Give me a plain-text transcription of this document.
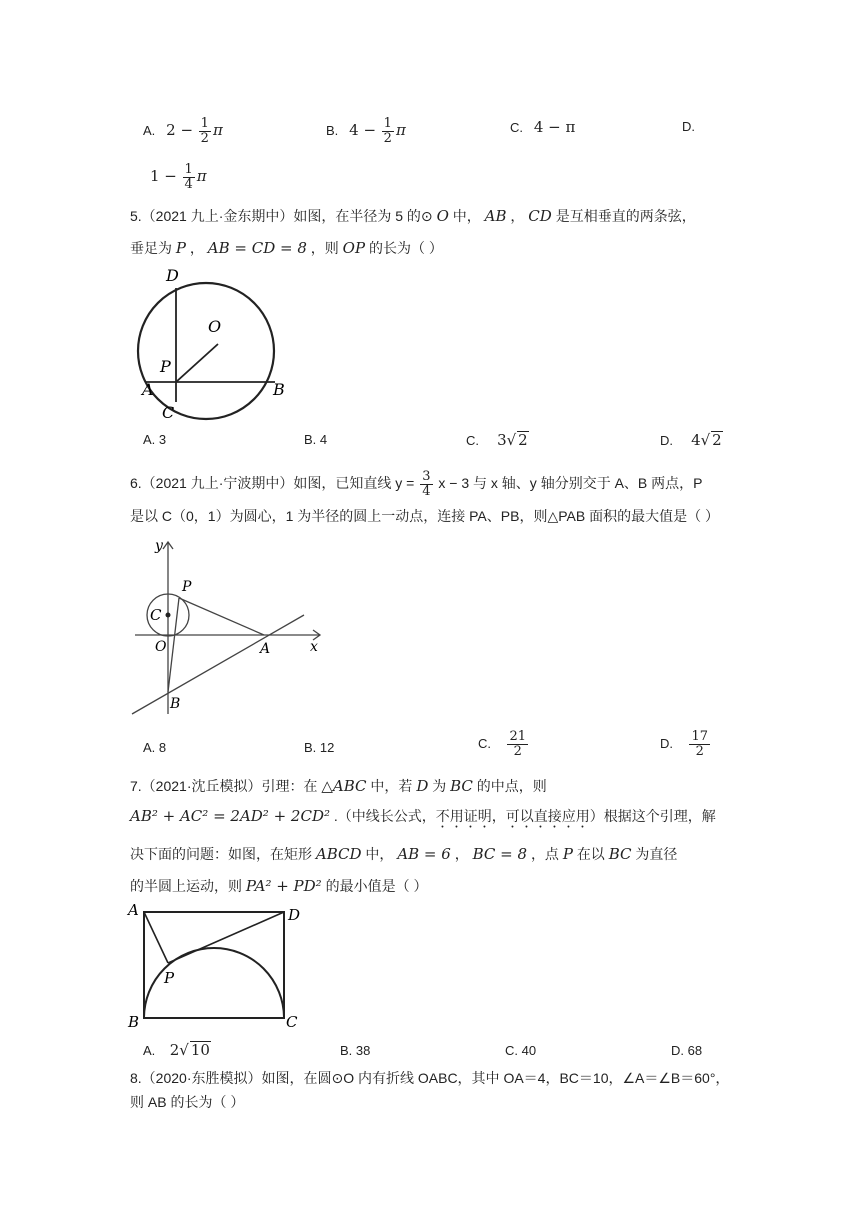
A. $2 - \frac{1}{2}$ π	B. $4 - \frac{1}{2}$ π	C. 4 − π	D.
$1 - \frac{1}{4}$ π
5.（2021 九上·金东期中）如图，在半径为 5 的⊙ O 中， AB ， CD 是互相垂直的两条弦，
垂足为 P ， AB = CD = 8 ，则 OP 的长为（ ）
D
O
P
A	B
C
A. 3	B. 4	C. 3√ 2	D. 4√ 2
6.（2021 九上·宁波期中）如图，已知直线 $y = \frac{3}{4}$ x − 3 与 x 轴、y 轴分别交于 A、B 两点，P
是以 C（0，1）为圆心，1 为半径的圆上一动点，连接 PA、PB，则△PAB 面积的最大值是（ ）
y
x
P
C
O	A
B
A. 8	B. 12	C. $\frac{21}{2}$	D. $\frac{17}{2}$
7.（2021·沈丘模拟）引理：在 △ABC 中，若 D 为 BC 的中点，则
AB² + AC² = 2AD² + 2CD² .（中线长公式，不用证明，可以直接应用）根据这个引理，解
决下面的问题：如图，在矩形 ABCD 中， AB = 6 ， BC = 8 ，点 P 在以 BC 为直径
的半圆上运动，则 PA² + PD² 的最小值是（ ）
A	D
P
B	C
A. 2√ 10	B. 38	C. 40	D. 68
8.（2020·东胜模拟）如图，在圆⊙O 内有折线 OABC，其中 OA＝4，BC＝10，∠A＝∠B＝60°，
则 AB 的长为（ ）
